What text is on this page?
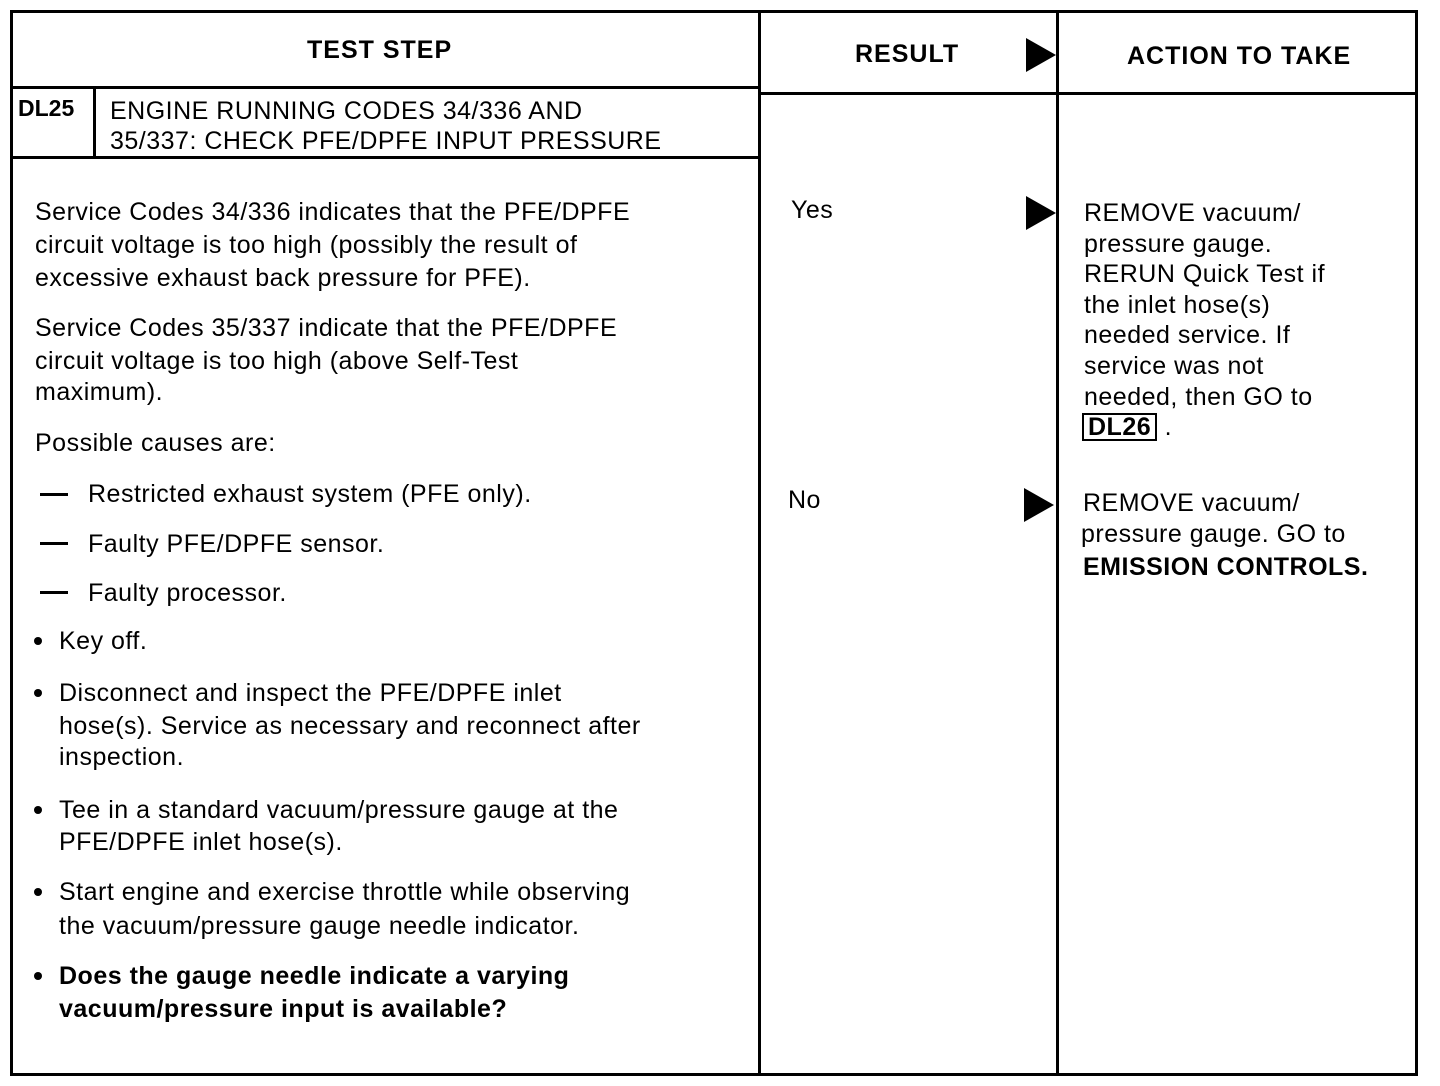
TEST STEP	RESULT	ACTION TO TAKE
DL25 ENGINE RUNNING CODES 34/336 AND
35/337: CHECK PFE/DPFE INPUT PRESSURE
Service Codes 34/336 indicates that the PFE/DPFE
circuit voltage is too high (possibly the result of
excessive exhaust back pressure for PFE).
Service Codes 35/337 indicate that the PFE/DPFE
circuit voltage is too high (above Self-Test
maximum).
Possible causes are:
Restricted exhaust system (PFE only).
Faulty PFE/DPFE sensor.
Faulty processor.
Key off.
Disconnect and inspect the PFE/DPFE inlet
hose(s). Service as necessary and reconnect after
inspection.
Tee in a standard vacuum/pressure gauge at the
PFE/DPFE inlet hose(s).
Start engine and exercise throttle while observing
the vacuum/pressure gauge needle indicator.
Does the gauge needle indicate a varying
vacuum/pressure input is available?
Yes
No
REMOVE vacuum/
pressure gauge.
RERUN Quick Test if
the inlet hose(s)
needed service. If
service was not
needed, then GO to
DL26 .
REMOVE vacuum/
pressure gauge. GO to
EMISSION CONTROLS.
